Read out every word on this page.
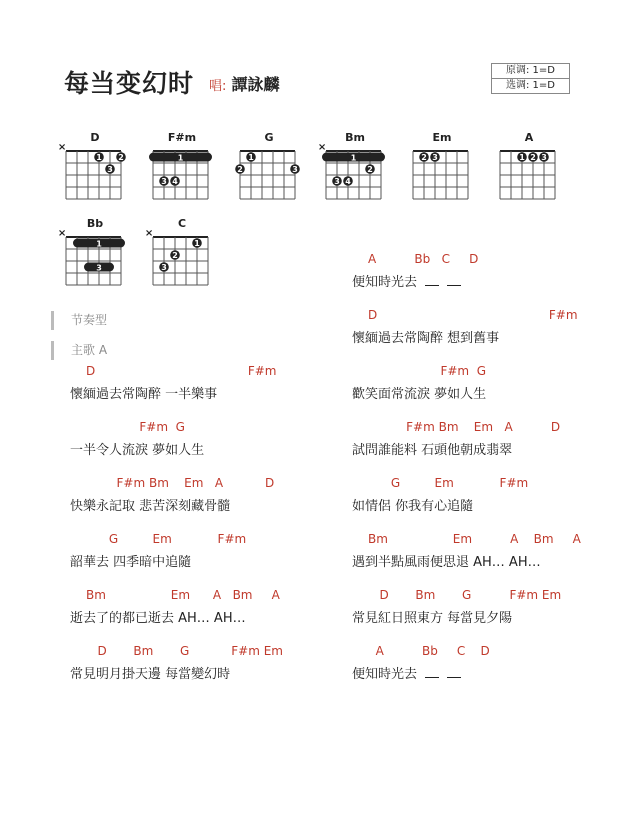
每当变幻时 唱: 譚詠麟
原调: 1=D
选调: 1=D
D
×
1 2
3
F#m
1
3 4
G
1
2	3
Bm
×
1
2
3 4
Em
2 3
A
1 2 3
Bb
×
1
3
C
×
1
2
3
节奏型
主歌 A
D                                        F#m
懷緬過去常陶醉 一半樂事
F#m  G
一半令人流淚 夢如人生
F#m Bm    Em   A           D
快樂永記取 悲苦深刻藏骨髓
G         Em            F#m
韶華去 四季暗中追隨
Bm                 Em      A   Bm     A
逝去了的都已逝去 AH… AH…
D       Bm       G           F#m Em
常見明月掛天邊 每當變幻時
A          Bb   C     D
便知時光去
D                                             F#m
懷緬過去常陶醉 想到舊事
F#m  G
歡笑面常流淚 夢如人生
F#m Bm    Em   A          D
試問誰能料 石頭他朝成翡翠
G         Em            F#m
如情侶 你我有心追隨
Bm                 Em          A    Bm     A
遇到半點風雨便思退 AH… AH…
D       Bm       G          F#m Em
常見紅日照東方 每當見夕陽
A          Bb     C    D
便知時光去
